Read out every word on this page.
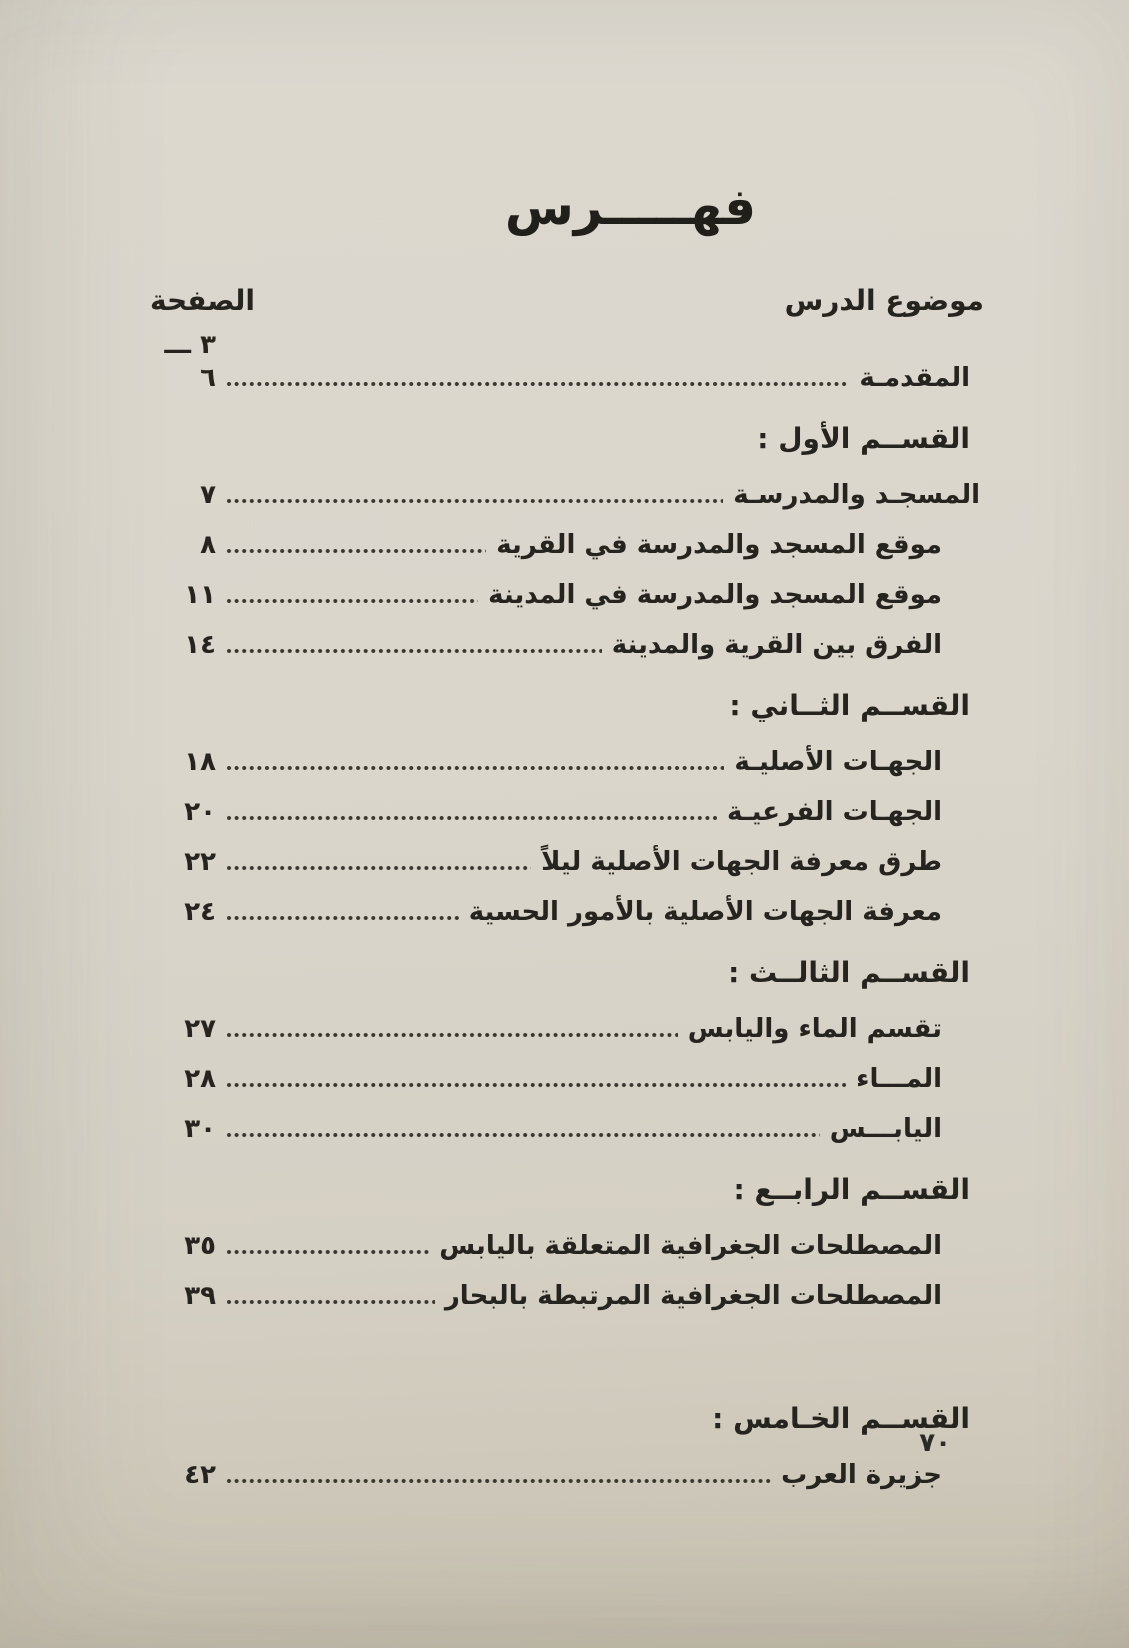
فهـــــرس
موضوع الدرس
الصفحة
المقدمـة
٣ ـــ ٦
القســم الأول :
المسجـد والمدرسـة
٧
موقع المسجد والمدرسة في القرية
٨
موقع المسجد والمدرسة في المدينة
١١
الفرق بين القرية والمدينة
١٤
القســم الثــاني :
الجهـات الأصليـة
١٨
الجهـات الفرعيـة
٢٠
طرق معرفة الجهات الأصلية ليلاً
٢٢
معرفة الجهات الأصلية بالأمور الحسية
٢٤
القســم الثالــث :
تقسم الماء واليابس
٢٧
المـــاء
٢٨
اليابـــس
٣٠
القســم الرابــع :
المصطلحات الجغرافية المتعلقة باليابس
٣٥
المصطلحات الجغرافية المرتبطة بالبحار
٣٩
القســم الخـامس :
جزيرة العرب
٤٢
٧٠
